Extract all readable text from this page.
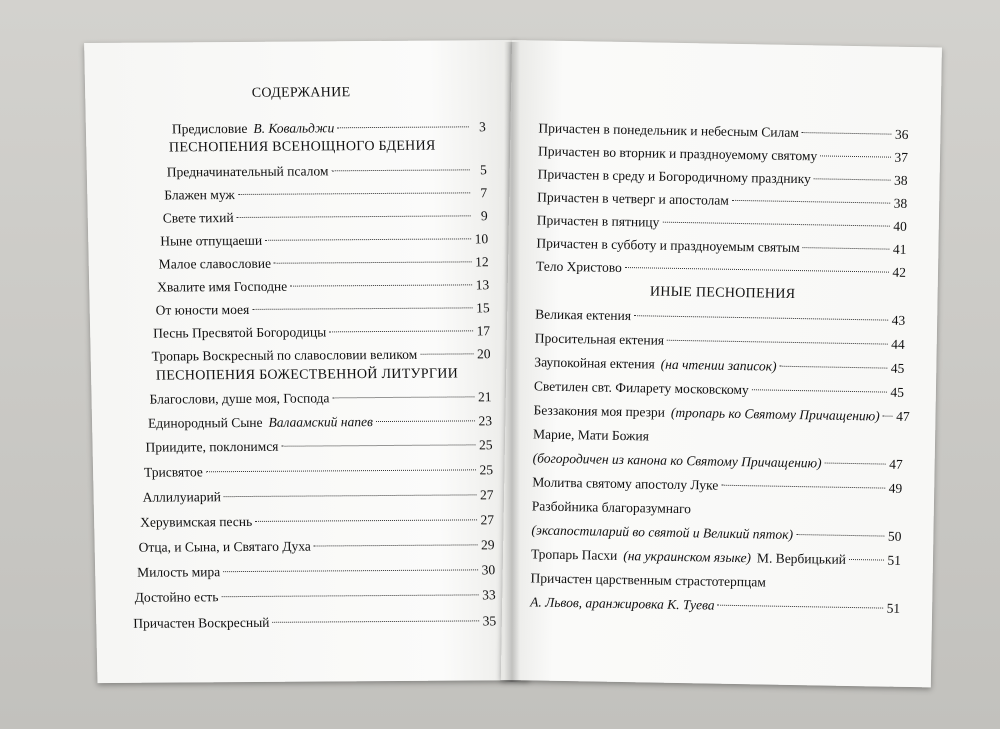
СОДЕРЖАНИЕ
Предисловие В. Ковальджи	3
ПЕСНОПЕНИЯ ВСЕНОЩНОГО БДЕНИЯ
Предначинательный псалом	5
Блажен муж	7
Свете тихий	9
Ныне отпущаеши	10
Малое славословие	12
Хвалите имя Господне	13
От юности моея	15
Песнь Пресвятой Богородицы	17
Тропарь Воскресный по славословии великом	20
ПЕСНОПЕНИЯ БОЖЕСТВЕННОЙ ЛИТУРГИИ
Благослови, душе моя, Господа	21
Единородный Сыне Валаамский напев	23
Приидите, поклонимся	25
Трисвятое	25
Аллилуиарий	27
Херувимская песнь	27
Отца, и Сына, и Святаго Духа	29
Милость мира	30
Достойно есть	33
Причастен Воскресный	35
Причастен в понедельник и небесным Силам	36
Причастен во вторник и праздноуемому святому	37
Причастен в среду и Богородичному празднику	38
Причастен в четверг и апостолам	38
Причастен в пятницу	40
Причастен в субботу и праздноуемым святым	41
Тело Христово	42
ИНЫЕ ПЕСНОПЕНИЯ
Великая ектения	43
Просительная ектения	44
Заупокойная ектения (на чтении записок)	45
Светилен свт. Филарету московскому	45
Беззакония моя презри (тропарь ко Святому Причащению) 47
Марие, Мати Божия
(богородичен из канона ко Святому Причащению)	47
Молитва святому апостолу Луке	49
Разбойника благоразумнаго
(эксапостиларий во святой и Великий пяток)	50
Тропарь Пасхи (на украинском языке) М. Вербицький	51
Причастен царственным страстотерпцам
А. Львов, аранжировка К. Туева	51
